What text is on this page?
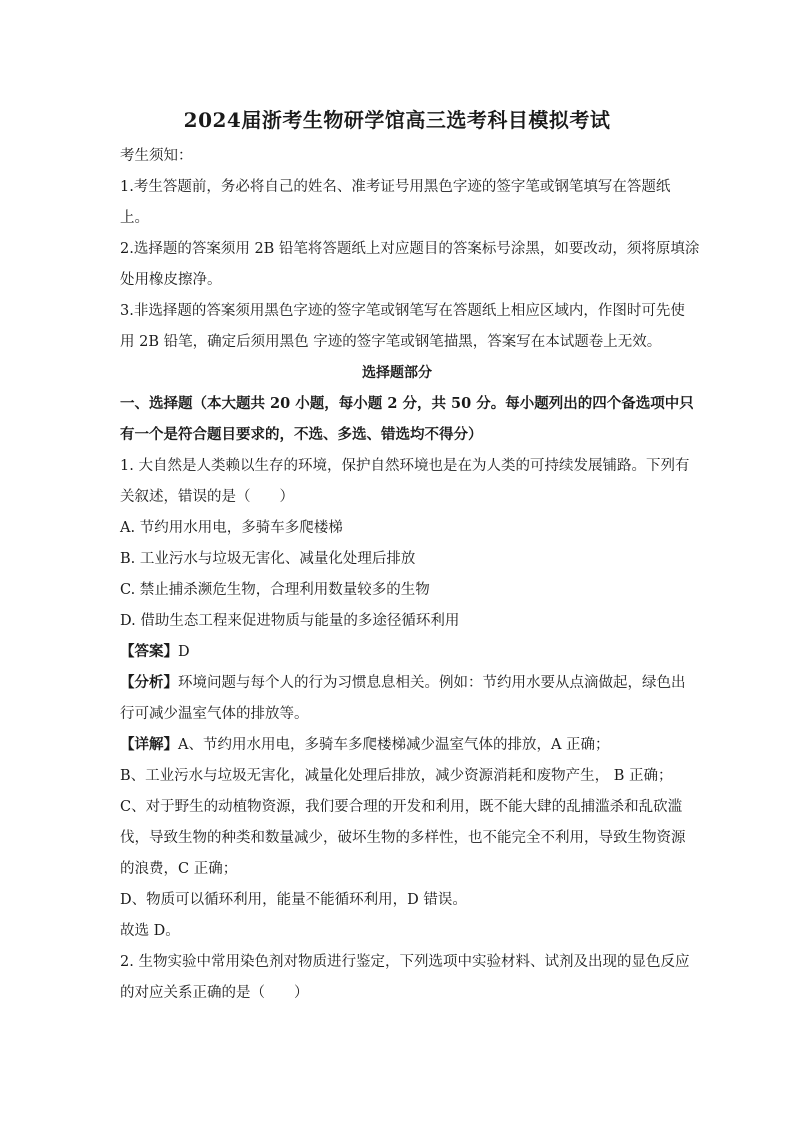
2024届浙考生物研学馆高三选考科目模拟考试
考生须知：
1.考生答题前，务必将自己的姓名、准考证号用黑色字迹的签字笔或钢笔填写在答题纸
上。
2.选择题的答案须用 2B 铅笔将答题纸上对应题目的答案标号涂黑，如要改动，须将原填涂
处用橡皮擦净。
3.非选择题的答案须用黑色字迹的签字笔或钢笔写在答题纸上相应区域内，作图时可先使
用 2B 铅笔，确定后须用黑色 字迹的签字笔或钢笔描黑，答案写在本试题卷上无效。
选择题部分
一、选择题（本大题共 20 小题，每小题 2 分，共 50 分。每小题列出的四个备选项中只
有一个是符合题目要求的，不选、多选、错选均不得分）
1. 大自然是人类赖以生存的环境，保护自然环境也是在为人类的可持续发展铺路。下列有
关叙述，错误的是（　　）
A. 节约用水用电，多骑车多爬楼梯
B. 工业污水与垃圾无害化、减量化处理后排放
C. 禁止捕杀濒危生物，合理利用数量较多的生物
D. 借助生态工程来促进物质与能量的多途径循环利用
【答案】D
【分析】环境问题与每个人的行为习惯息息相关。例如：节约用水要从点滴做起，绿色出
行可减少温室气体的排放等。
【详解】A、节约用水用电，多骑车多爬楼梯减少温室气体的排放，A 正确；
B、工业污水与垃圾无害化，减量化处理后排放，减少资源消耗和废物产生， B 正确；
C、对于野生的动植物资源，我们要合理的开发和利用，既不能大肆的乱捕滥杀和乱砍滥
伐，导致生物的种类和数量减少，破坏生物的多样性，也不能完全不利用，导致生物资源
的浪费，C 正确；
D、物质可以循环利用，能量不能循环利用，D 错误。
故选 D。
2. 生物实验中常用染色剂对物质进行鉴定，下列选项中实验材料、试剂及出现的显色反应
的对应关系正确的是（　　）
